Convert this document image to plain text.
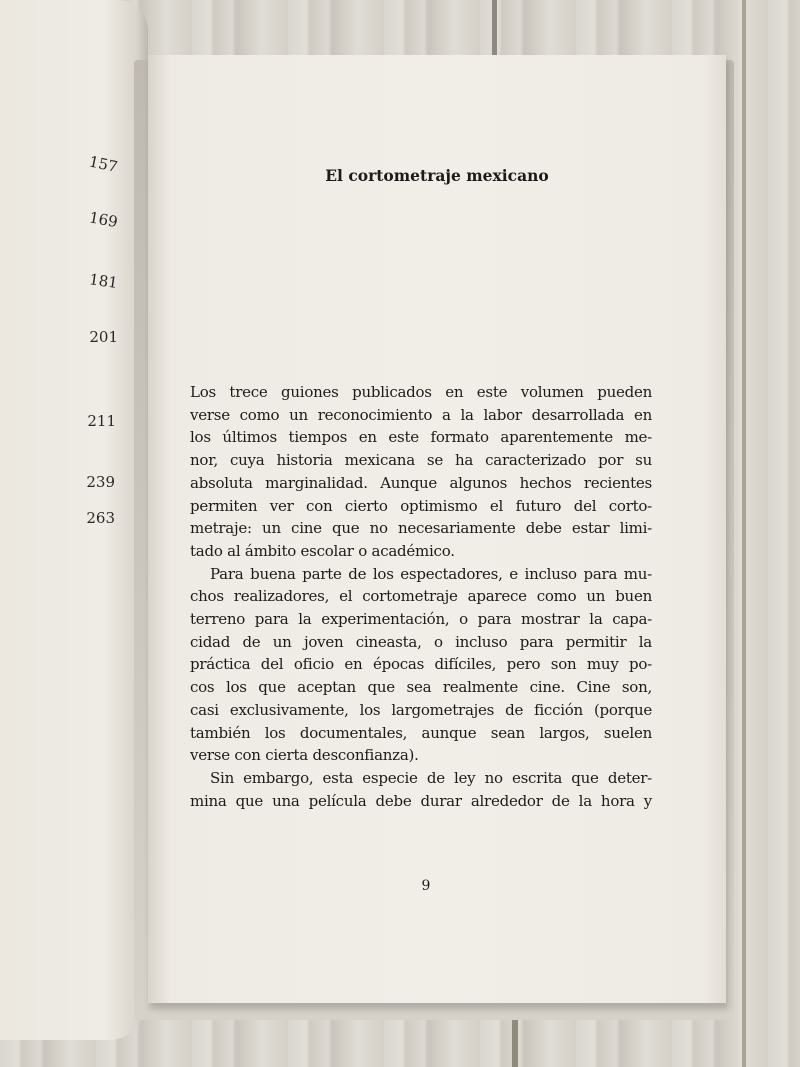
157
169
181
201
211
239
263
El cortometraje mexicano
Los trece guiones publicados en este volumen pueden
verse como un reconocimiento a la labor desarrollada en
los últimos tiempos en este formato aparentemente me-
nor, cuya historia mexicana se ha caracterizado por su
absoluta marginalidad. Aunque algunos hechos recientes
permiten ver con cierto optimismo el futuro del corto-
metraje: un cine que no necesariamente debe estar limi-
tado al ámbito escolar o académico.
Para buena parte de los espectadores, e incluso para mu-
chos realizadores, el cortometraje aparece como un buen
terreno para la experimentación, o para mostrar la capa-
cidad de un joven cineasta, o incluso para permitir la
práctica del oficio en épocas difíciles, pero son muy po-
cos los que aceptan que sea realmente cine. Cine son,
casi exclusivamente, los largometrajes de ficción (porque
también los documentales, aunque sean largos, suelen
verse con cierta desconfianza).
Sin embargo, esta especie de ley no escrita que deter-
mina que una película debe durar alrededor de la hora y
9
